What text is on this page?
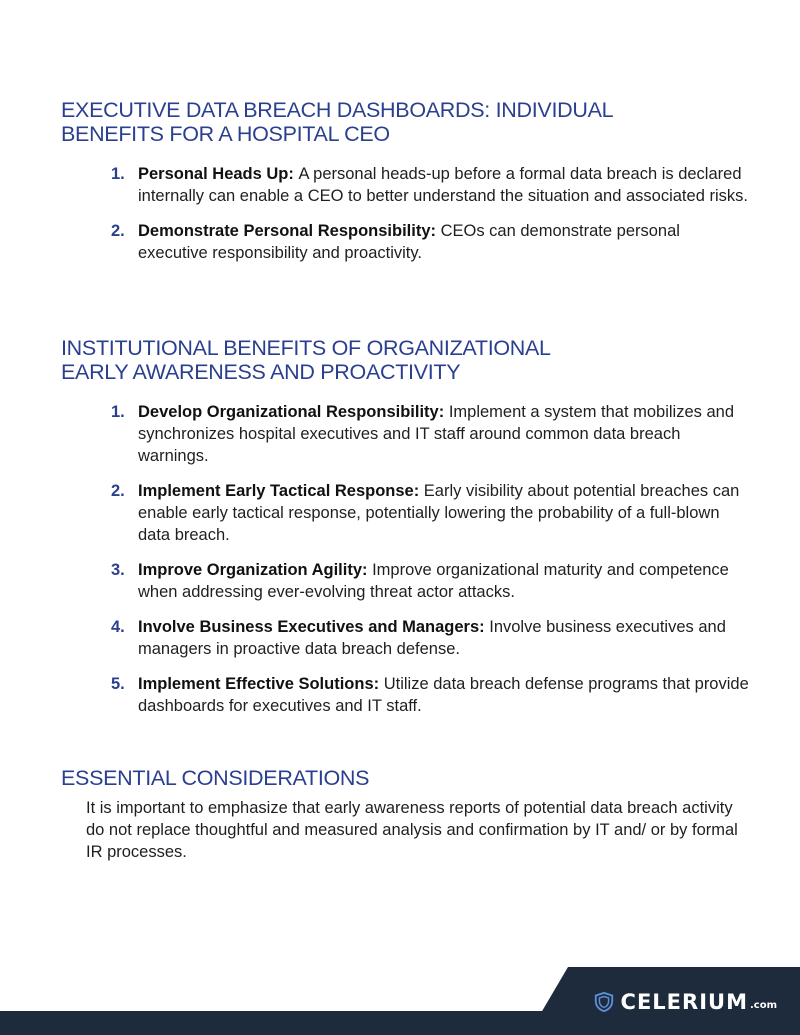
EXECUTIVE DATA BREACH DASHBOARDS: INDIVIDUAL
BENEFITS FOR A HOSPITAL CEO
1. Personal Heads Up: A personal heads-up before a formal data breach is declared internally can enable a CEO to better understand the situation and associated risks.
2. Demonstrate Personal Responsibility: CEOs can demonstrate personal executive responsibility and proactivity.
INSTITUTIONAL BENEFITS OF ORGANIZATIONAL
EARLY AWARENESS AND PROACTIVITY
1. Develop Organizational Responsibility: Implement a system that mobilizes and synchronizes hospital executives and IT staff around common data breach warnings.
2. Implement Early Tactical Response: Early visibility about potential breaches can enable early tactical response, potentially lowering the probability of a full-blown data breach.
3. Improve Organization Agility: Improve organizational maturity and competence when addressing ever-evolving threat actor attacks.
4. Involve Business Executives and Managers: Involve business executives and managers in proactive data breach defense.
5. Implement Effective Solutions: Utilize data breach defense programs that provide dashboards for executives and IT staff.
ESSENTIAL CONSIDERATIONS

It is important to emphasize that early awareness reports of potential data breach activity do not replace thoughtful and measured analysis and confirmation by IT and/ or by formal IR processes.

CELERIUM .com
